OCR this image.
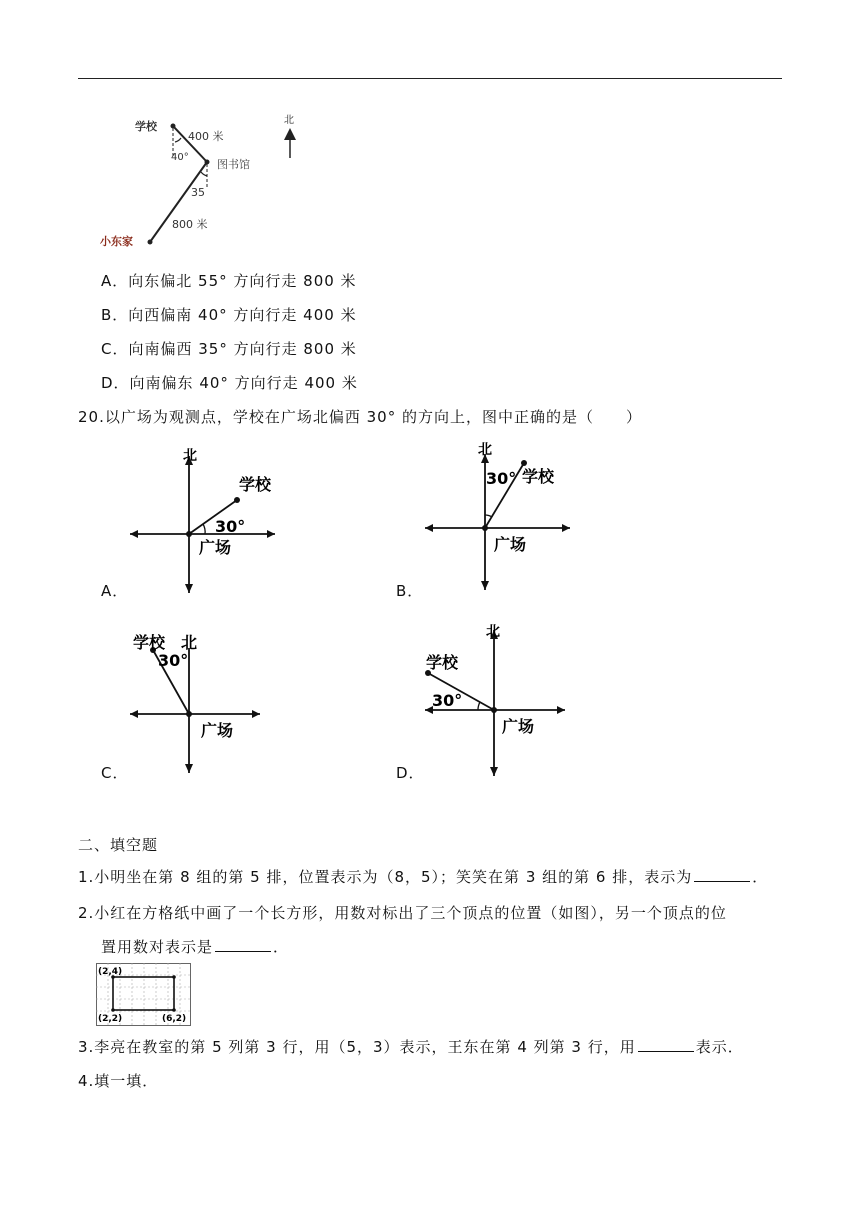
学校
400 米
40°
图书馆
35
800 米
小东家
北
A．向东偏北 55° 方向行走 800 米
B．向西偏南 40° 方向行走 400 米
C．向南偏西 35° 方向行走 800 米
D．向南偏东 40° 方向行走 400 米
20.以广场为观测点，学校在广场北偏西 30° 的方向上，图中正确的是（　　）
北
学校
30°
广场
A．
北
30° 学校
广场
B．
学校 北
30°
广场
C．
北
学校
30°
广场
D．
二、填空题
1.小明坐在第 8 组的第 5 排，位置表示为（8，5）；笑笑在第 3 组的第 6 排，表示为	．
2.小红在方格纸中画了一个长方形，用数对标出了三个顶点的位置（如图），另一个顶点的位
置用数对表示是	．
(2,4)
(2,2)	(6,2)
3.李亮在教室的第 5 列第 3 行，用（5，3）表示，王东在第 4 列第 3 行，用	表示．
4.填一填．
